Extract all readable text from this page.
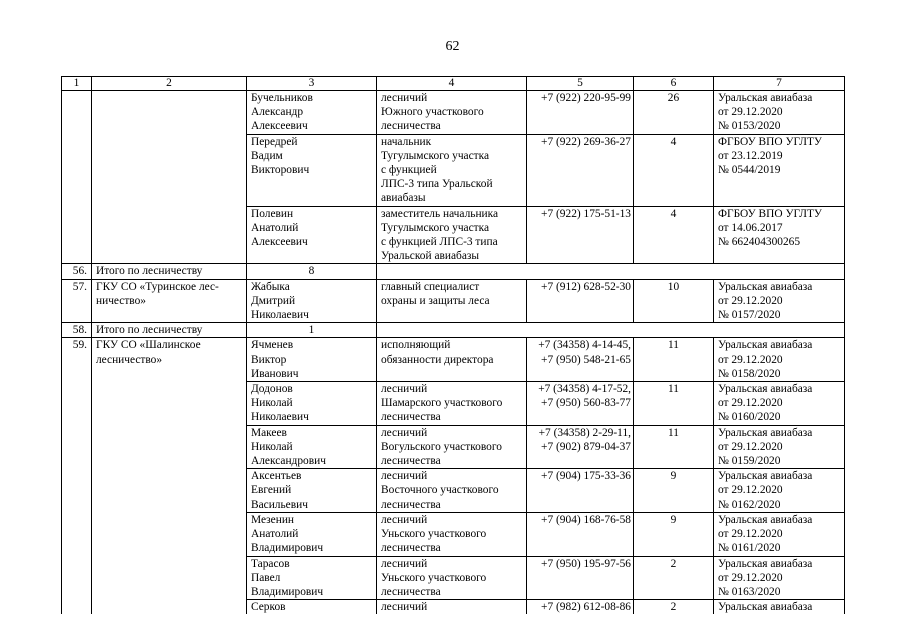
62
1	2	3	4	5	6	7
		Бучельников
Александр
Алексеевич	лесничий
Южного участкового
лесничества	+7 (922) 220-95-99	26	Уральская авиабаза
от 29.12.2020
№ 0153/2020
		Передрей
Вадим
Викторович	начальник
Тугулымского участка
с функцией
ЛПС-3 типа Уральской
авиабазы	+7 (922) 269-36-27	4	ФГБОУ ВПО УГЛТУ
от 23.12.2019
№ 0544/2019
		Полевин
Анатолий
Алексеевич	заместитель начальника
Тугулымского участка
с функцией ЛПС-3 типа
Уральской авиабазы	+7 (922) 175-51-13	4	ФГБОУ ВПО УГЛТУ
от 14.06.2017
№ 662404300265
56.	Итого по лесничеству	8				
57.	ГКУ СО «Туринское лес-
ничество»	Жабыка
Дмитрий
Николаевич	главный специалист
охраны и защиты леса	+7 (912) 628-52-30	10	Уральская авиабаза
от 29.12.2020
№ 0157/2020
58.	Итого по лесничеству	1				
59.	ГКУ СО «Шалинское
лесничество»	Ячменев
Виктор
Иванович	исполняющий
обязанности директора	+7 (34358) 4-14-45,
+7 (950) 548-21-65	11	Уральская авиабаза
от 29.12.2020
№ 0158/2020
		Додонов
Николай
Николаевич	лесничий
Шамарского участкового
лесничества	+7 (34358) 4-17-52,
+7 (950) 560-83-77	11	Уральская авиабаза
от 29.12.2020
№ 0160/2020
		Макеев
Николай
Александрович	лесничий
Вогульского участкового
лесничества	+7 (34358) 2-29-11,
+7 (902) 879-04-37	11	Уральская авиабаза
от 29.12.2020
№ 0159/2020
		Аксентьев
Евгений
Васильевич	лесничий
Восточного участкового
лесничества	+7 (904) 175-33-36	9	Уральская авиабаза
от 29.12.2020
№ 0162/2020
		Мезенин
Анатолий
Владимирович	лесничий
Уньского участкового
лесничества	+7 (904) 168-76-58	9	Уральская авиабаза
от 29.12.2020
№ 0161/2020
		Тарасов
Павел
Владимирович	лесничий
Уньского участкового
лесничества	+7 (950) 195-97-56	2	Уральская авиабаза
от 29.12.2020
№ 0163/2020
		Серков	лесничий	+7 (982) 612-08-86	2	Уральская авиабаза
